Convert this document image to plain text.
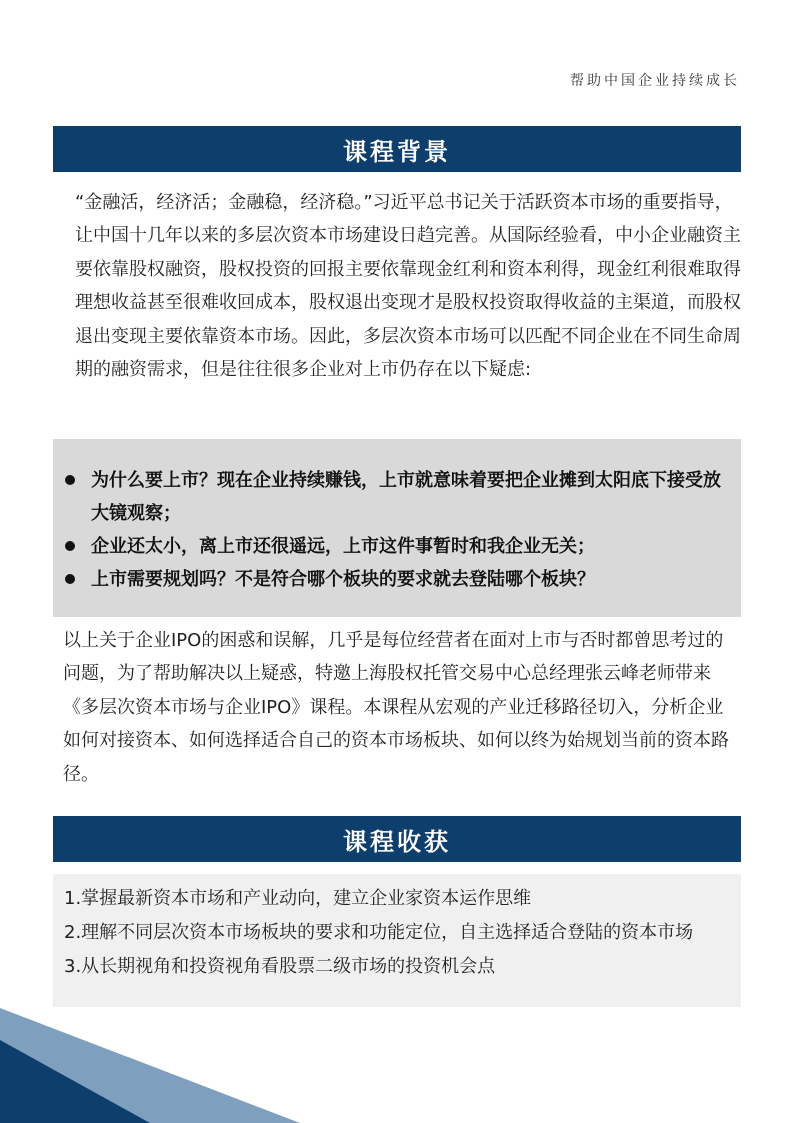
帮助中国企业持续成长
课程背景

“金融活，经济活；金融稳，经济稳。”习近平总书记关于活跃资本市场的重要指导，让中国十几年以来的多层次资本市场建设日趋完善。从国际经验看，中小企业融资主要依靠股权融资，股权投资的回报主要依靠现金红利和资本利得，现金红利很难取得理想收益甚至很难收回成本，股权退出变现才是股权投资取得收益的主渠道，而股权退出变现主要依靠资本市场。因此，多层次资本市场可以匹配不同企业在不同生命周期的融资需求，但是往往很多企业对上市仍存在以下疑虑:

为什么要上市？现在企业持续赚钱，上市就意味着要把企业摊到太阳底下接受放大镜观察；
企业还太小，离上市还很遥远，上市这件事暂时和我企业无关；
上市需要规划吗？不是符合哪个板块的要求就去登陆哪个板块？

以上关于企业IPO的困惑和误解，几乎是每位经营者在面对上市与否时都曾思考过的问题，为了帮助解决以上疑惑，特邀上海股权托管交易中心总经理张云峰老师带来《多层次资本市场与企业IPO》课程。本课程从宏观的产业迁移路径切入，分析企业如何对接资本、如何选择适合自己的资本市场板块、如何以终为始规划当前的资本路径。

课程收获
1.掌握最新资本市场和产业动向，建立企业家资本运作思维
2.理解不同层次资本市场板块的要求和功能定位，自主选择适合登陆的资本市场
3.从长期视角和投资视角看股票二级市场的投资机会点
